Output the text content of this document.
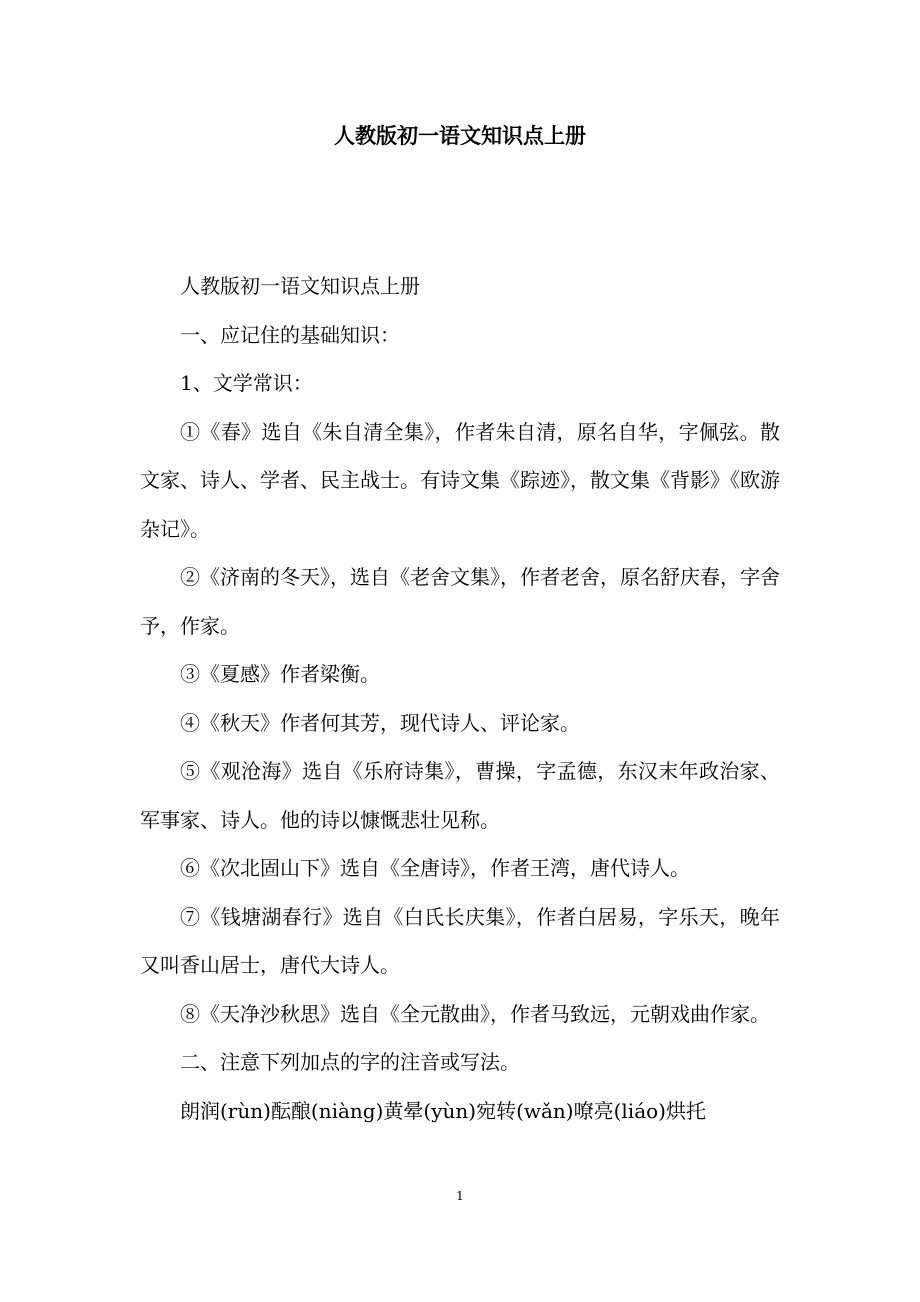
人教版初一语文知识点上册

人教版初一语文知识点上册

一、应记住的基础知识：

1、文学常识：

①《春》选自《朱自清全集》，作者朱自清，原名自华，字佩弦。散文家、诗人、学者、民主战士。有诗文集《踪迹》，散文集《背影》《欧游杂记》。

②《济南的冬天》，选自《老舍文集》，作者老舍，原名舒庆春，字舍予，作家。

③《夏感》作者梁衡。

④《秋天》作者何其芳，现代诗人、评论家。

⑤《观沧海》选自《乐府诗集》，曹操，字孟德，东汉末年政治家、军事家、诗人。他的诗以慷慨悲壮见称。

⑥《次北固山下》选自《全唐诗》，作者王湾，唐代诗人。

⑦《钱塘湖春行》选自《白氏长庆集》，作者白居易，字乐天，晚年又叫香山居士，唐代大诗人。

⑧《天净沙秋思》选自《全元散曲》，作者马致远，元朝戏曲作家。

二、注意下列加点的字的注音或写法。

朗润(rùn)酝酿(niàng)黄晕(yùn)宛转(wǎn)嘹亮(liáo)烘托

1
